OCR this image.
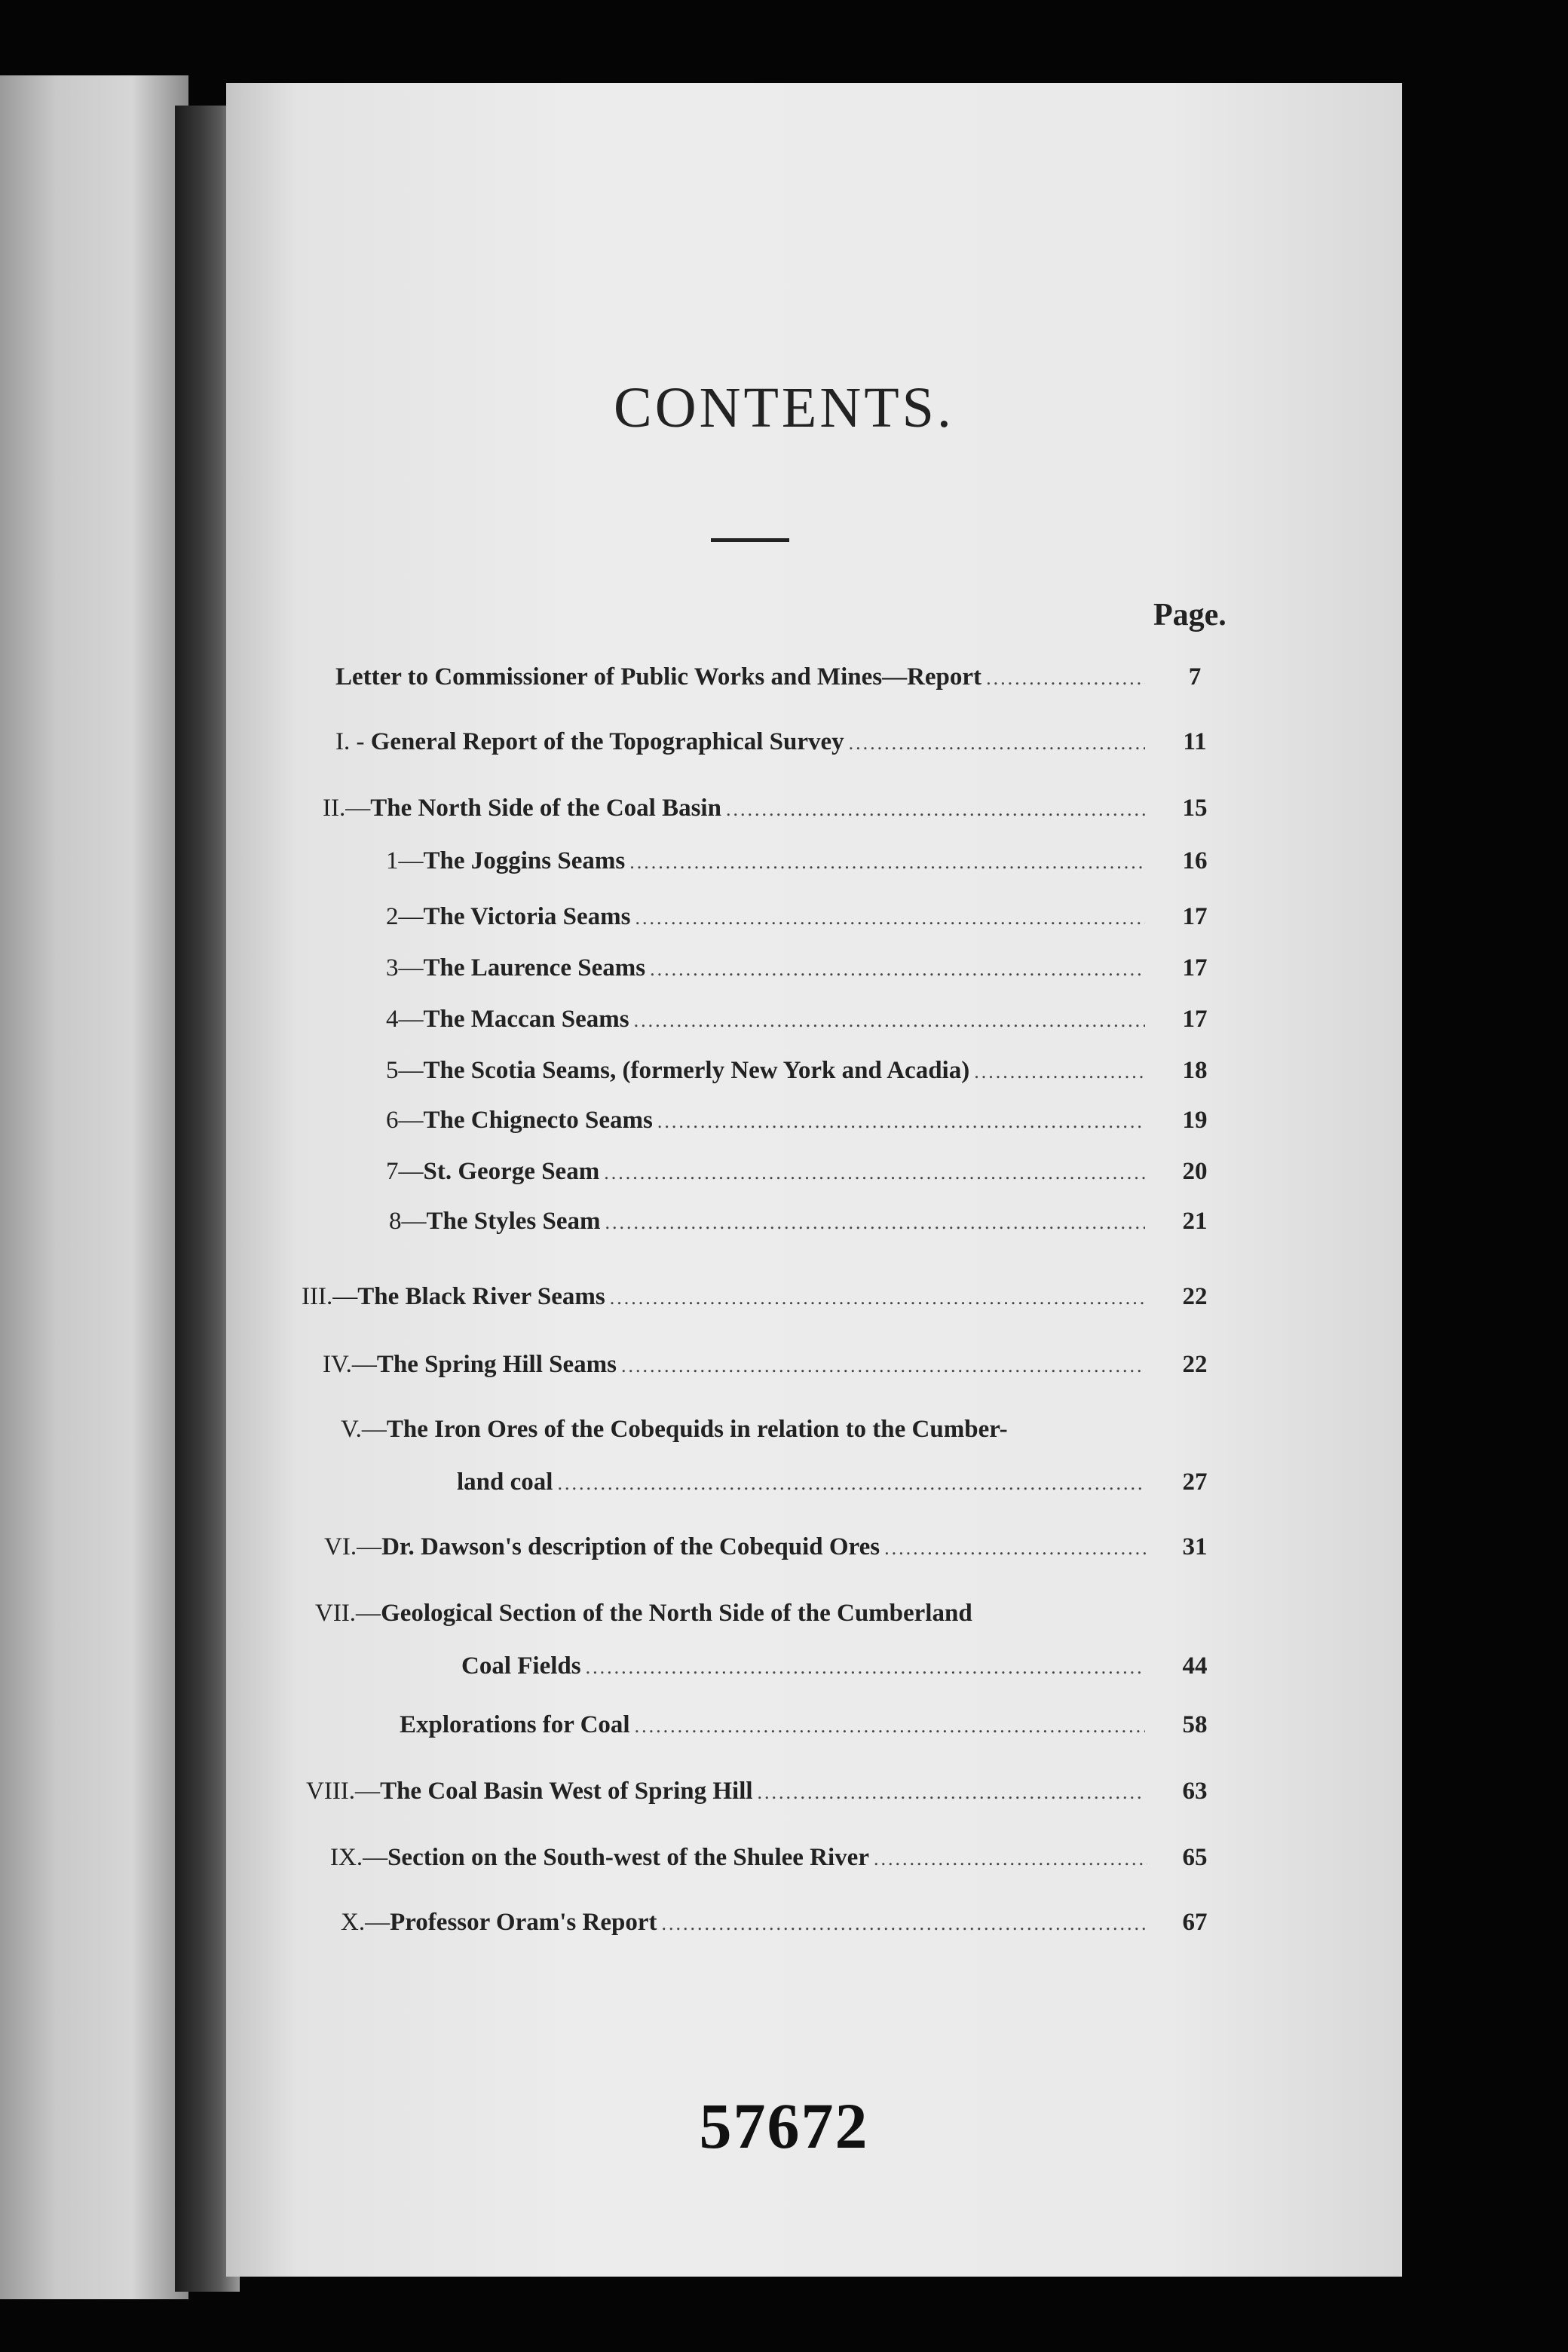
CONTENTS.
Page.
Letter to Commissioner of Public Works and Mines—Report .....	7
I. -
General Report of the Topographical Survey .....	11
II.— The North Side of the Coal Basin .....	15
1— The Joggins Seams .....	16
2— The Victoria Seams .....	17
3— The Laurence Seams .....	17
4— The Maccan Seams .....	17
5— The Scotia Seams, (formerly New York and Acadia) .....	18
6— The Chignecto Seams .....	19
7— St. George Seam .....	20
8— The Styles Seam .....	21
III.— The Black River Seams .....	22
IV.— The Spring Hill Seams .....	22
V.— The Iron Ores of the Cobequids in relation to the Cumber-
land coal .....	27
VI.— Dr. Dawson's description of the Cobequid Ores .....	31
VII.— Geological Section of the North Side of the Cumberland
Coal Fields .....	44
Explorations for Coal .....	58
VIII.— The Coal Basin West of Spring Hill .....	63
IX.— Section on the South-west of the Shulee River .....	65
X.— Professor Oram's Report .....	67
57672
